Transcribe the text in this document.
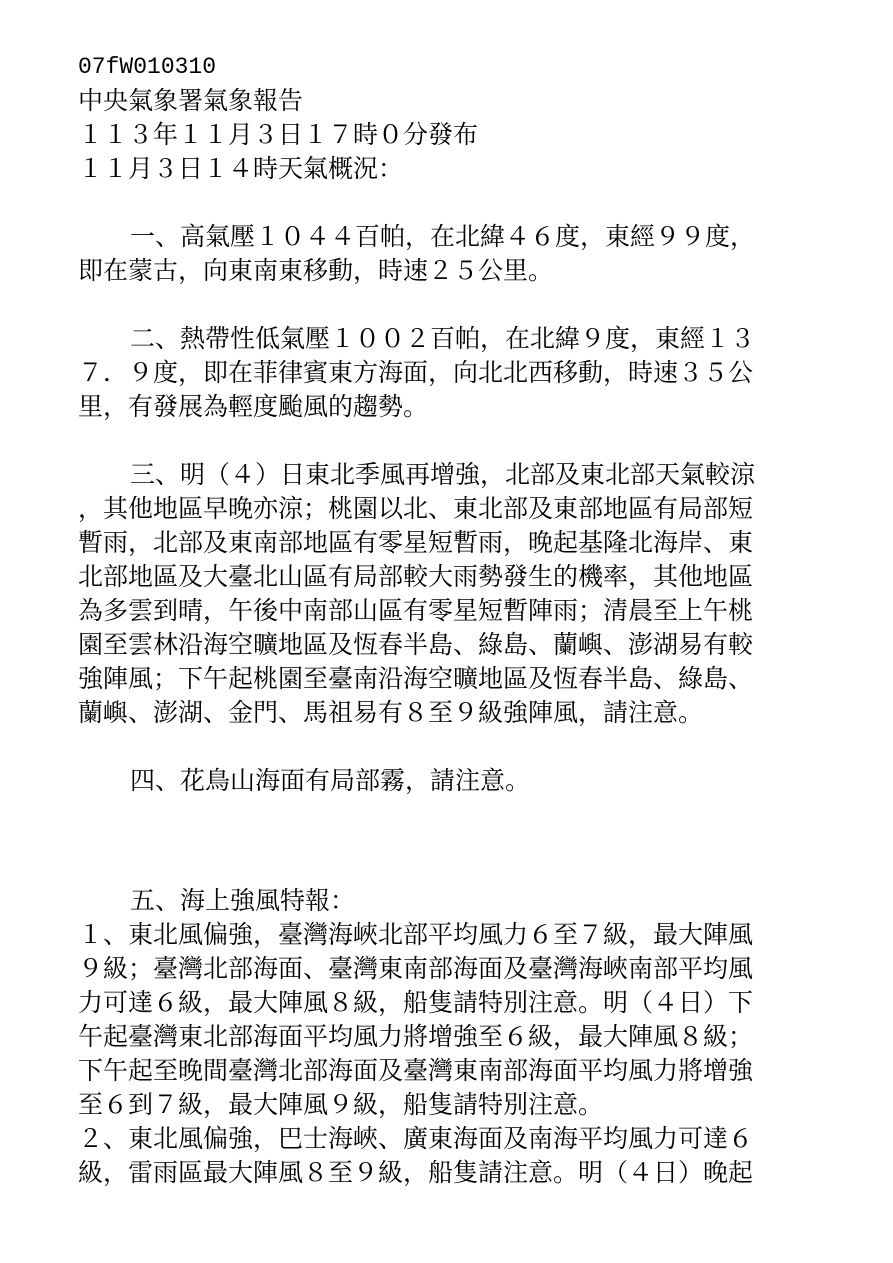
07fW010310
中央氣象署氣象報告
１１３年１１月３日１７時０分發布
１１月３日１４時天氣概況：
一、高氣壓１０４４百帕，在北緯４６度，東經９９度，
即在蒙古，向東南東移動，時速２５公里。
二、熱帶性低氣壓１００２百帕，在北緯９度，東經１３
７．９度，即在菲律賓東方海面，向北北西移動，時速３５公
里，有發展為輕度颱風的趨勢。
三、明（４）日東北季風再增強，北部及東北部天氣較涼
，其他地區早晚亦涼；桃園以北、東北部及東部地區有局部短
暫雨，北部及東南部地區有零星短暫雨，晚起基隆北海岸、東
北部地區及大臺北山區有局部較大雨勢發生的機率，其他地區
為多雲到晴，午後中南部山區有零星短暫陣雨；清晨至上午桃
園至雲林沿海空曠地區及恆春半島、綠島、蘭嶼、澎湖易有較
強陣風；下午起桃園至臺南沿海空曠地區及恆春半島、綠島、
蘭嶼、澎湖、金門、馬祖易有８至９級強陣風，請注意。
四、花鳥山海面有局部霧，請注意。
五、海上強風特報：
１、東北風偏強，臺灣海峽北部平均風力６至７級，最大陣風
９級；臺灣北部海面、臺灣東南部海面及臺灣海峽南部平均風
力可達６級，最大陣風８級，船隻請特別注意。明（４日）下
午起臺灣東北部海面平均風力將增強至６級，最大陣風８級；
下午起至晚間臺灣北部海面及臺灣東南部海面平均風力將增強
至６到７級，最大陣風９級，船隻請特別注意。
２、東北風偏強，巴士海峽、廣東海面及南海平均風力可達６
級，雷雨區最大陣風８至９級，船隻請注意。明（４日）晚起
